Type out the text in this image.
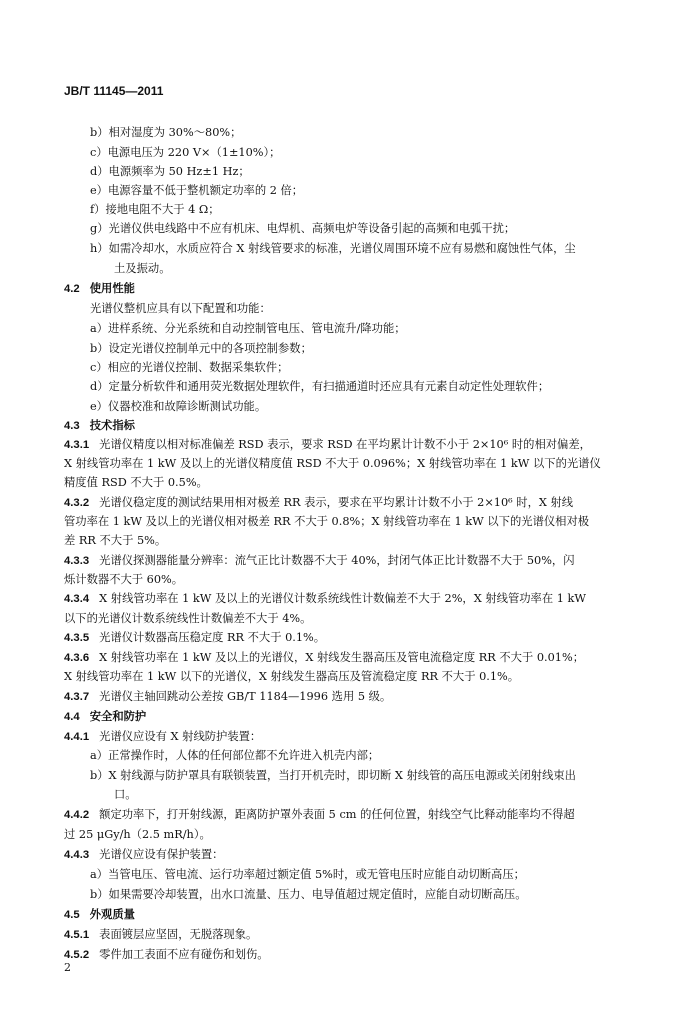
JB/T 11145—2011
b）相对湿度为 30%～80%；
c）电源电压为 220 V×（1±10%）；
d）电源频率为 50 Hz±1 Hz；
e）电源容量不低于整机额定功率的 2 倍；
f）接地电阻不大于 4 Ω；
g）光谱仪供电线路中不应有机床、电焊机、高频电炉等设备引起的高频和电弧干扰；
h）如需冷却水，水质应符合 X 射线管要求的标准，光谱仪周围环境不应有易燃和腐蚀性气体，尘
土及振动。
4.2 使用性能
光谱仪整机应具有以下配置和功能：
a）进样系统、分光系统和自动控制管电压、管电流升/降功能；
b）设定光谱仪控制单元中的各项控制参数；
c）相应的光谱仪控制、数据采集软件；
d）定量分析软件和通用荧光数据处理软件，有扫描通道时还应具有元素自动定性处理软件；
e）仪器校准和故障诊断测试功能。
4.3 技术指标
4.3.1 光谱仪精度以相对标准偏差 RSD 表示，要求 RSD 在平均累计计数不小于 2×10⁶ 时的相对偏差，
X 射线管功率在 1 kW 及以上的光谱仪精度值 RSD 不大于 0.096%；X 射线管功率在 1 kW 以下的光谱仪
精度值 RSD 不大于 0.5%。
4.3.2 光谱仪稳定度的测试结果用相对极差 RR 表示，要求在平均累计计数不小于 2×10⁶ 时，X 射线
管功率在 1 kW 及以上的光谱仪相对极差 RR 不大于 0.8%；X 射线管功率在 1 kW 以下的光谱仪相对极
差 RR 不大于 5%。
4.3.3 光谱仪探测器能量分辨率：流气正比计数器不大于 40%，封闭气体正比计数器不大于 50%，闪
烁计数器不大于 60%。
4.3.4 X 射线管功率在 1 kW 及以上的光谱仪计数系统线性计数偏差不大于 2%，X 射线管功率在 1 kW
以下的光谱仪计数系统线性计数偏差不大于 4%。
4.3.5 光谱仪计数器高压稳定度 RR 不大于 0.1%。
4.3.6 X 射线管功率在 1 kW 及以上的光谱仪，X 射线发生器高压及管电流稳定度 RR 不大于 0.01%；
X 射线管功率在 1 kW 以下的光谱仪，X 射线发生器高压及管流稳定度 RR 不大于 0.1%。
4.3.7 光谱仪主轴回跳动公差按 GB/T 1184—1996 选用 5 级。
4.4 安全和防护
4.4.1 光谱仪应设有 X 射线防护装置：
a）正常操作时，人体的任何部位都不允许进入机壳内部；
b）X 射线源与防护罩具有联锁装置，当打开机壳时，即切断 X 射线管的高压电源或关闭射线束出
口。
4.4.2 额定功率下，打开射线源，距离防护罩外表面 5 cm 的任何位置，射线空气比释动能率均不得超
过 25 μGy/h（2.5 mR/h）。
4.4.3 光谱仪应设有保护装置：
a）当管电压、管电流、运行功率超过额定值 5%时，或无管电压时应能自动切断高压；
b）如果需要冷却装置，出水口流量、压力、电导值超过规定值时，应能自动切断高压。
4.5 外观质量
4.5.1 表面镀层应坚固，无脱落现象。
4.5.2 零件加工表面不应有碰伤和划伤。
2
